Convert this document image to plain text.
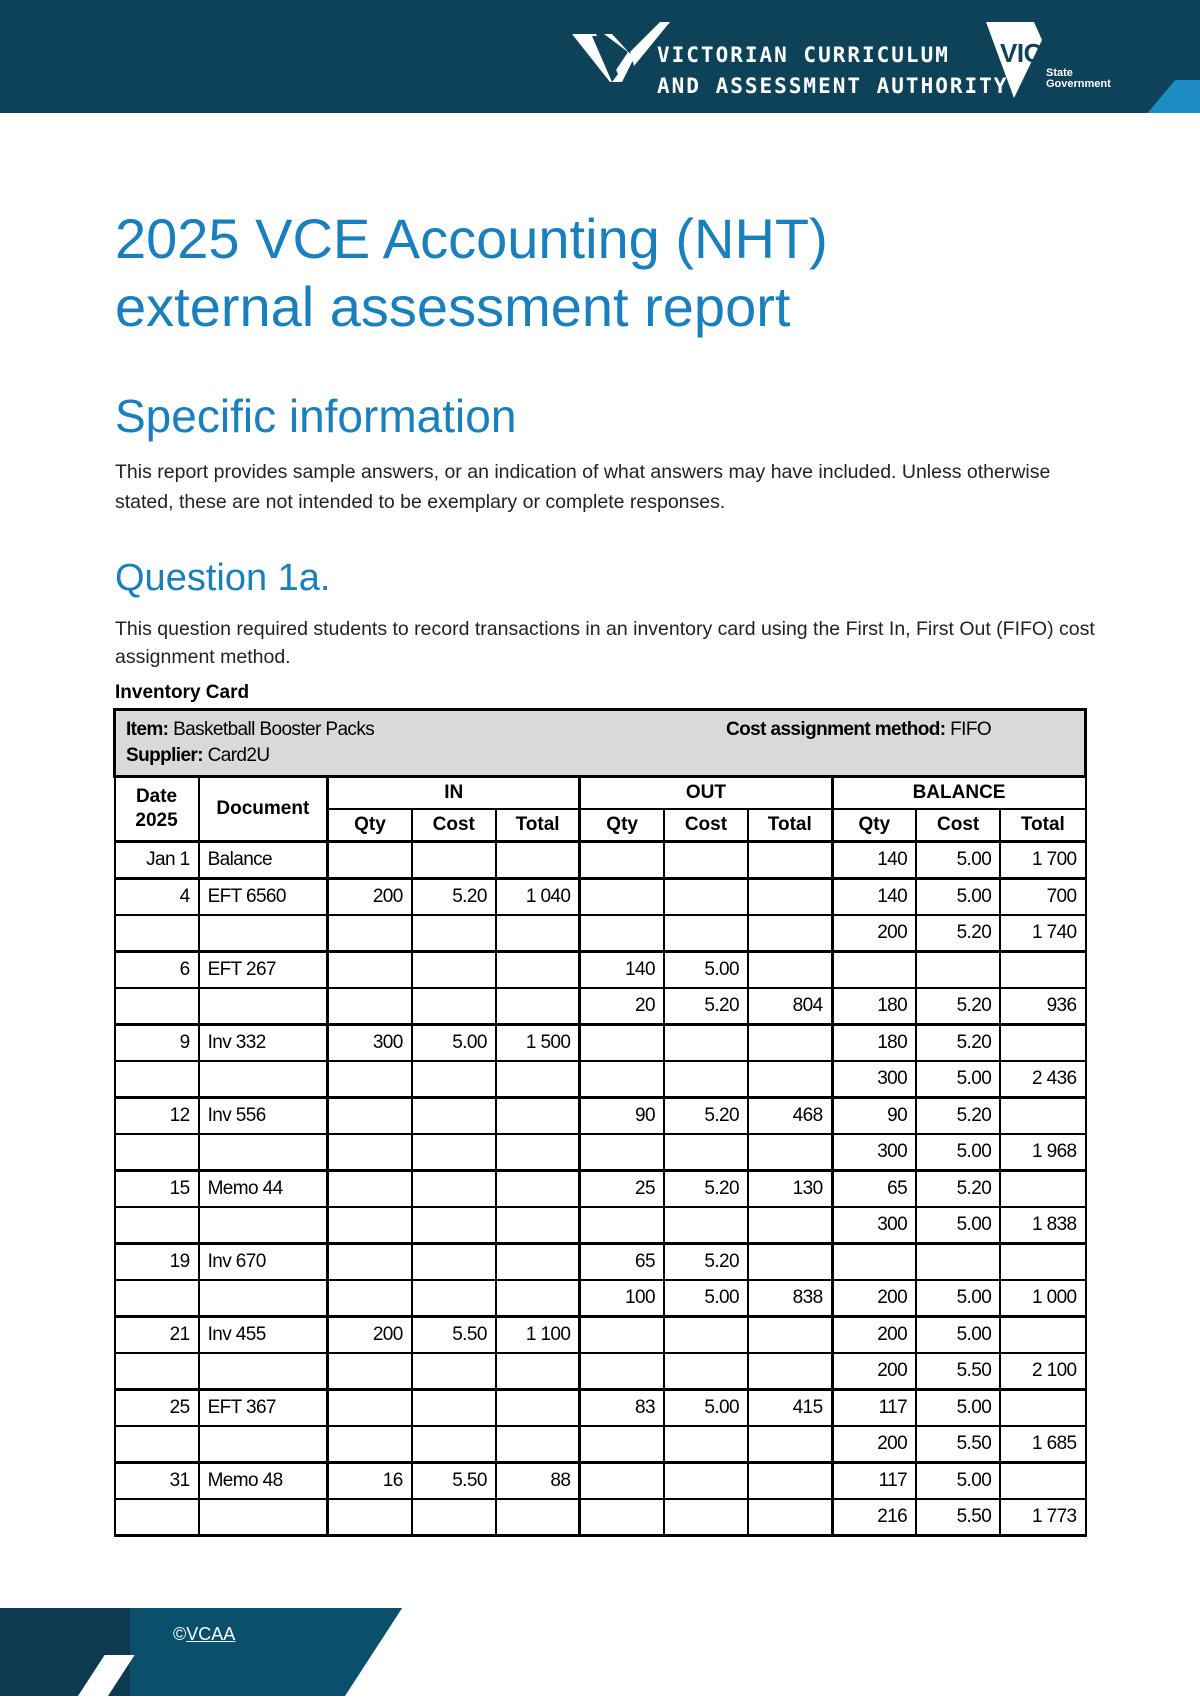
VICTORIAN CURRICULUM
AND ASSESSMENT AUTHORITY
VICTORIA
State
Government
2025 VCE Accounting (NHT)
external assessment report
Specific information

This report provides sample answers, or an indication of what answers may have included. Unless otherwise stated, these are not intended to be exemplary or complete responses.

Question 1a.

This question required students to record transactions in an inventory card using the First In, First Out (FIFO) cost assignment method.

Inventory Card
Item: Basketball Booster Packs Cost assignment method: FIFO
Supplier: Card2U										

Date
2025	Document	IN			OUT			BALANCE		
		Qty	Cost	Total	Qty	Cost	Total	Qty	Cost	Total
Jan 1	Balance							140	5.00	1 700
4	EFT 6560	200	5.20	1 040				140	5.00	700
								200	5.20	1 740
6	EFT 267				140	5.00				
					20	5.20	804	180	5.20	936
9	Inv 332	300	5.00	1 500				180	5.20	
								300	5.00	2 436
12	Inv 556				90	5.20	468	90	5.20	
								300	5.00	1 968
15	Memo 44				25	5.20	130	65	5.20	
								300	5.00	1 838
19	Inv 670				65	5.20				
					100	5.00	838	200	5.00	1 000
21	Inv 455	200	5.50	1 100				200	5.00	
								200	5.50	2 100
25	EFT 367				83	5.00	415	117	5.00	
								200	5.50	1 685
31	Memo 48	16	5.50	88				117	5.00	
								216	5.50	1 773
©VCAA
